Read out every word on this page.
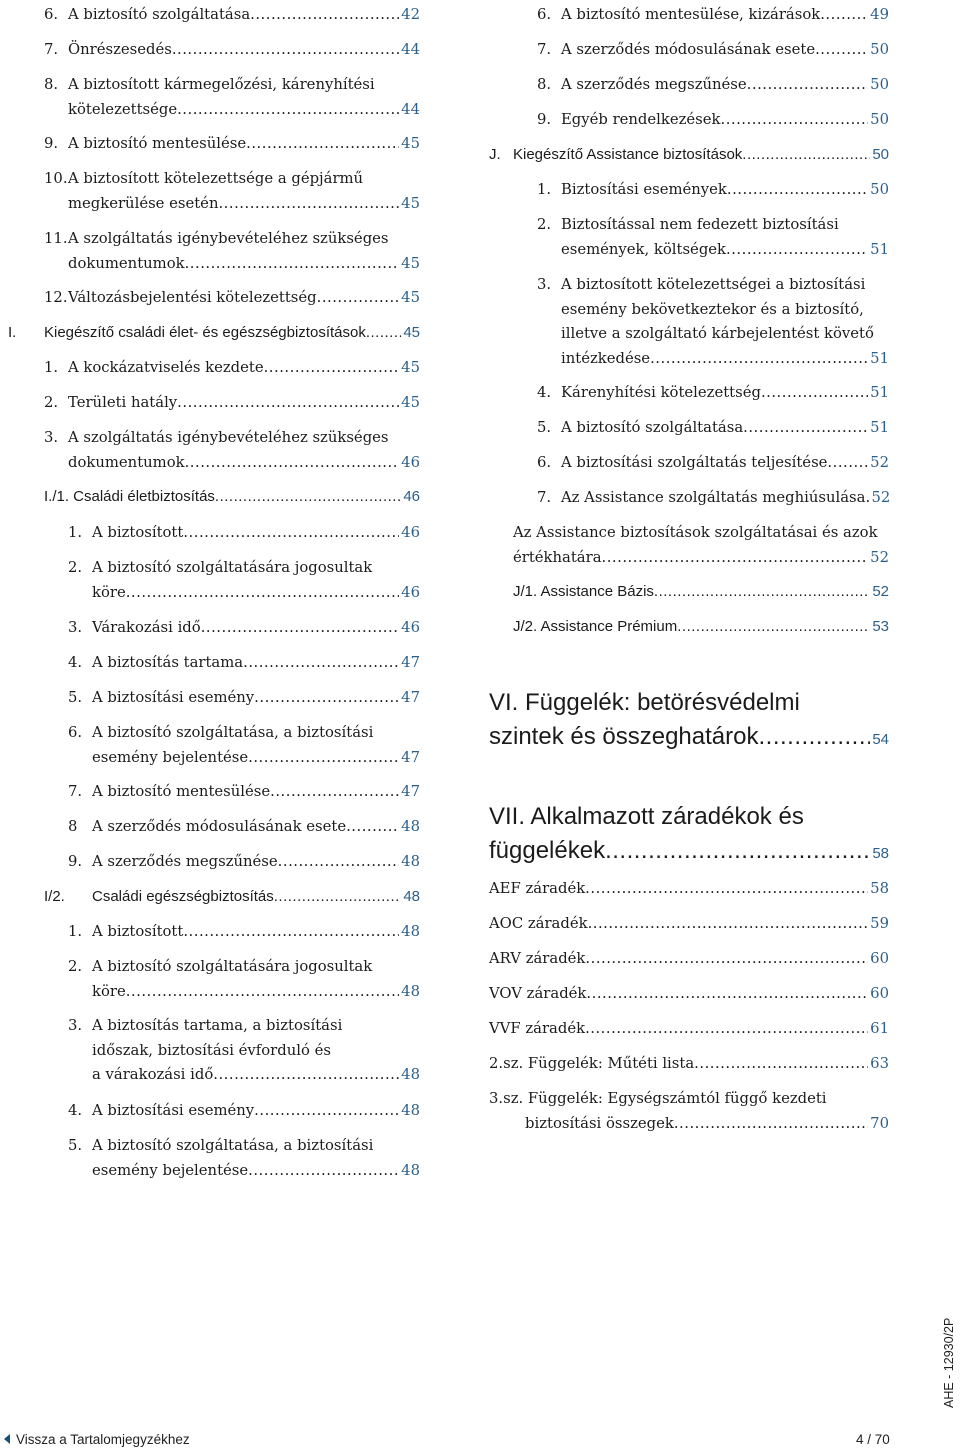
6. A biztosító szolgáltatása .....	42
7. Önrészesedés .....	44
8. A biztosított kármegelőzési, kárenyhítési
kötelezettsége .....	44
9. A biztosító mentesülése .....	45
10. A biztosított kötelezettsége a gépjármű
megkerülése esetén .....	45
11. A szolgáltatás igénybevételéhez szükséges
dokumentumok .....	45
12. Változásbejelentési kötelezettség .....	45
I. Kiegészítő családi élet- és egészségbiztosítások ..... 45
1. A kockázatviselés kezdete .....	45
2. Területi hatály .....	45
3. A szolgáltatás igénybevételéhez szükséges
dokumentumok .....	46
I./1. Családi életbiztosítás .....	46
1. A biztosított .....	46
2. A biztosító szolgáltatására jogosultak
köre .....	46
3. Várakozási idő .....	46
4. A biztosítás tartama .....	47
5. A biztosítási esemény .....	47
6. A biztosító szolgáltatása, a biztosítási
esemény bejelentése .....	47
7. A biztosító mentesülése .....	47
8 A szerződés módosulásának esete .....	48
9. A szerződés megszűnése .....	48
I/2. Családi egészségbiztosítás .....	48
1. A biztosított .....	48
2. A biztosító szolgáltatására jogosultak
köre .....	48
3. A biztosítás tartama, a biztosítási
időszak, biztosítási évforduló és
a várakozási idő .....	48
4. A biztosítási esemény .....	48
5. A biztosító szolgáltatása, a biztosítási
esemény bejelentése .....	48
6. A biztosító mentesülése, kizárások .....	49
7. A szerződés módosulásának esete .....	50
8. A szerződés megszűnése .....	50
9. Egyéb rendelkezések .....	50
J. Kiegészítő Assistance biztosítások .....	50
1. Biztosítási események .....	50
2. Biztosítással nem fedezett biztosítási
események, költségek .....	51
3. A biztosított kötelezettségei a biztosítási
esemény bekövetkeztekor és a biztosító,
illetve a szolgáltató kárbejelentést követő
intézkedése .....	51
4. Kárenyhítési kötelezettség .....	51
5. A biztosító szolgáltatása .....	51
6. A biztosítási szolgáltatás teljesítése .....	52
7. Az Assistance szolgáltatás meghiúsulása ..... 52
Az Assistance biztosítások szolgáltatásai és azok
értékhatára .....	52
J/1. Assistance Bázis .....	52
J/2. Assistance Prémium .....	53
VI. Függelék: betörésvédelmi
szintek és összeghatárok .....	54
VII. Alkalmazott záradékok és
függelékek .....	58
AEF záradék .....	58
AOC záradék .....	59
ARV záradék .....	60
VOV záradék .....	60
VVF záradék .....	61
2.sz. Függelék: Műtéti lista .....	63
3.sz. Függelék: Egységszámtól függő kezdeti
biztosítási összegek .....	70
Vissza a Tartalomjegyzékhez	4 / 70
AHE - 12930/2P
